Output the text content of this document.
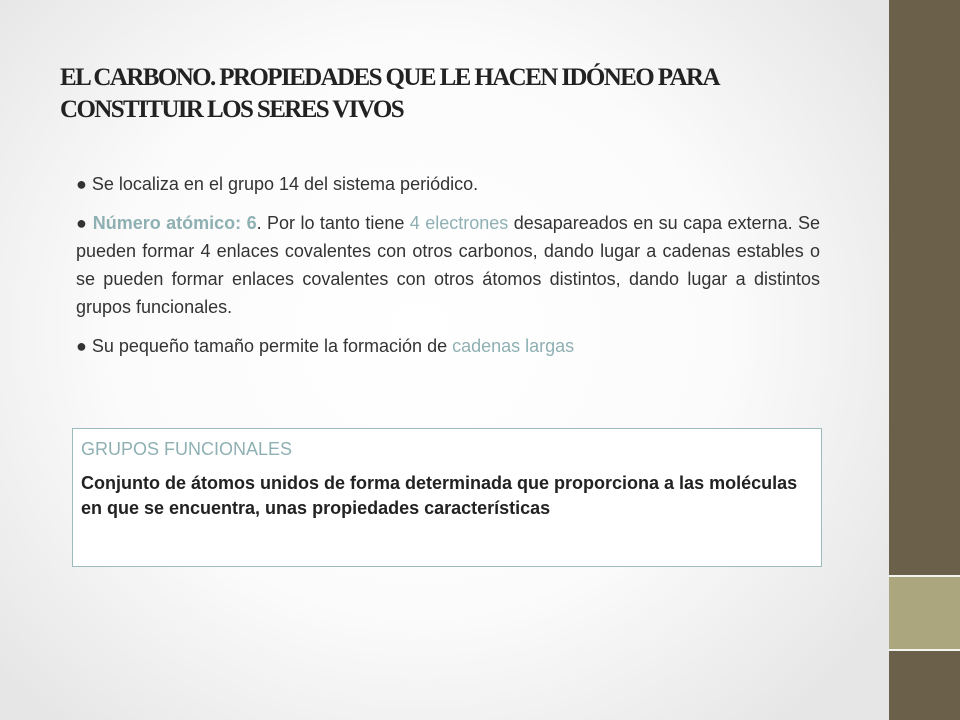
EL CARBONO. PROPIEDADES QUE LE HACEN IDÓNEO PARA
CONSTITUIR LOS SERES VIVOS

● Se localiza en el grupo 14 del sistema periódico.

● Número atómico: 6. Por lo tanto tiene 4 electrones desapareados en su capa externa. Se pueden formar 4 enlaces covalentes con otros carbonos, dando lugar a cadenas estables o se pueden formar enlaces covalentes con otros átomos distintos, dando lugar a distintos grupos funcionales.

● Su pequeño tamaño permite la formación de cadenas largas

GRUPOS FUNCIONALES

Conjunto de átomos unidos de forma determinada que proporciona a las moléculas en que se encuentra, unas propiedades características
